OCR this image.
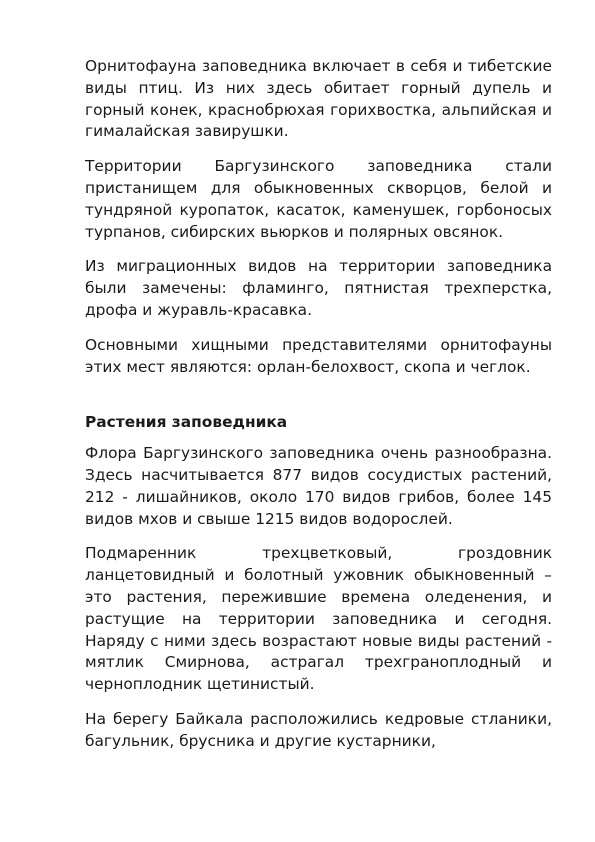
Орнитофауна заповедника включает в себя и тибетские виды птиц. Из них здесь обитает горный дупель и горный конек, краснобрюхая горихвостка, альпийская и гималайская завирушки.

Территории Баргузинского заповедника стали пристанищем для обыкновенных скворцов, белой и тундряной куропаток, касаток, каменушек, горбоносых турпанов, сибирских вьюрков и полярных овсянок.

Из миграционных видов на территории заповедника были замечены: фламинго, пятнистая трехперстка, дрофа и журавль-красавка.

Основными хищными представителями орнитофауны этих мест являются: орлан-белохвост, скопа и чеглок.

Растения заповедника

Флора Баргузинского заповедника очень разнообразна. Здесь насчитывается 877 видов сосудистых растений, 212 - лишайников, около 170 видов грибов, более 145 видов мхов и свыше 1215 видов водорослей.

Подмаренник трехцветковый, гроздовник ланцетовидный и болотный ужовник обыкновенный – это растения, пережившие времена оледенения, и растущие на территории заповедника и сегодня. Наряду с ними здесь возрастают новые виды растений - мятлик Смирнова, астрагал трехграноплодный и черноплодник щетинистый.

На берегу Байкала расположились кедровые стланики, багульник, брусника и другие кустарники,
